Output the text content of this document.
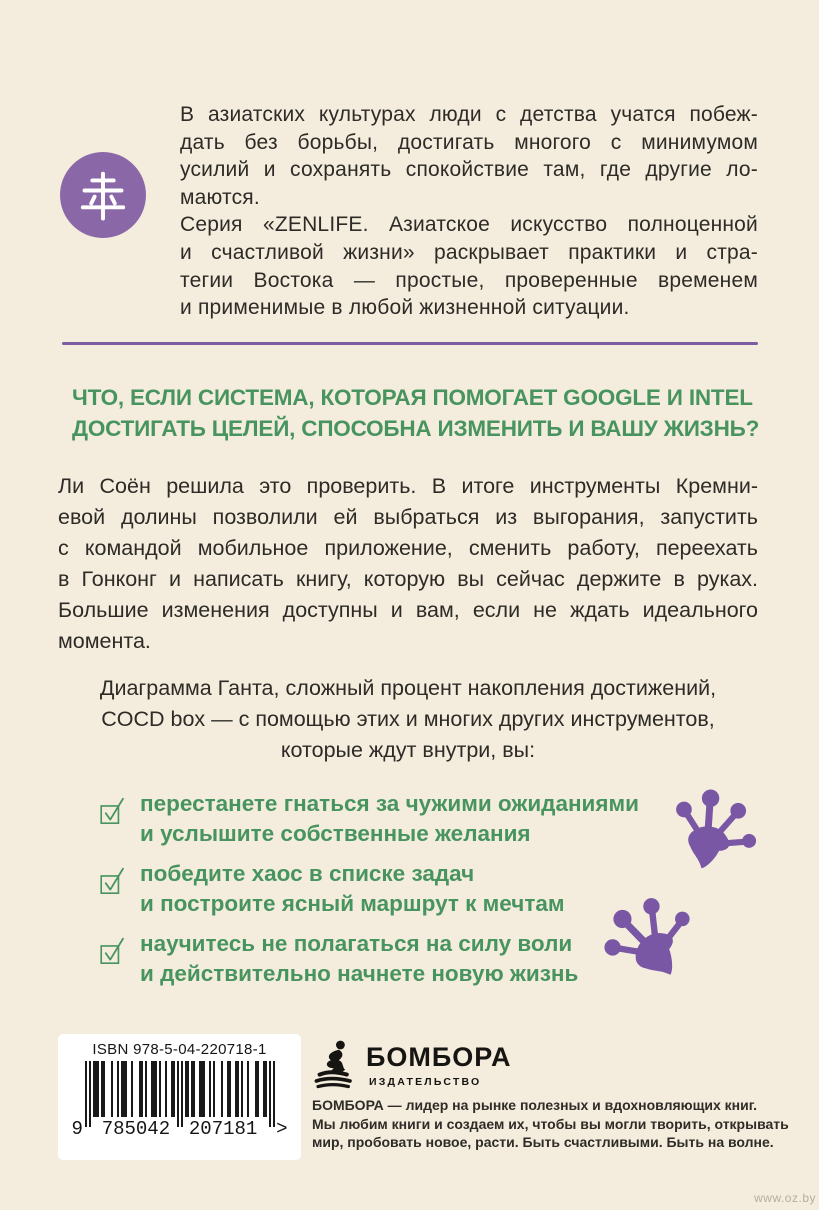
В азиатских культурах люди с детства учатся побеж-
дать без борьбы, достигать многого с минимумом
усилий и сохранять спокойствие там, где другие ло-
маются.
Серия «ZENLIFE. Азиатское искусство полноценной
и счастливой жизни» раскрывает практики и стра-
тегии Востока — простые, проверенные временем
и применимые в любой жизненной ситуации.
ЧТО, ЕСЛИ СИСТЕМА, КОТОРАЯ ПОМОГАЕТ GOOGLE И INTEL
ДОСТИГАТЬ ЦЕЛЕЙ, СПОСОБНА ИЗМЕНИТЬ И ВАШУ ЖИЗНЬ?
Ли Соён решила это проверить. В итоге инструменты Кремни-
евой долины позволили ей выбраться из выгорания, запустить
с командой мобильное приложение, сменить работу, переехать
в Гонконг и написать книгу, которую вы сейчас держите в руках.
Большие изменения доступны и вам, если не ждать идеального
момента.
Диаграмма Ганта, сложный процент накопления достижений,
COCD box — с помощью этих и многих других инструментов,
которые ждут внутри, вы:
перестанете гнаться за чужими ожиданиями
и услышите собственные желания
победите хаос в списке задач
и построите ясный маршрут к мечтам
научитесь не полагаться на силу воли
и действительно начнете новую жизнь
ISBN 978-5-04-220718-1
9 785042 207181 >
БОМБОРА
ИЗДАТЕЛЬСТВО
БОМБОРА — лидер на рынке полезных и вдохновляющих книг.
Мы любим книги и создаем их, чтобы вы могли творить, открывать
мир, пробовать новое, расти. Быть счастливыми. Быть на волне.
www.oz.by
